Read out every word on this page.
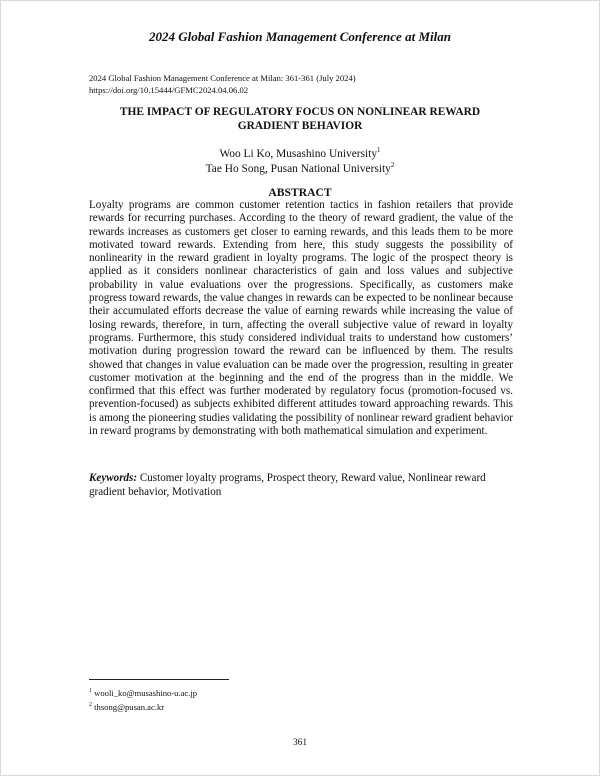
2024 Global Fashion Management Conference at Milan
2024 Global Fashion Management Conference at Milan: 361-361 (July 2024)
https://doi.org/10.15444/GFMC2024.04.06.02
THE IMPACT OF REGULATORY FOCUS ON NONLINEAR REWARD
GRADIENT BEHAVIOR
Woo Li Ko, Musashino University$^1$
Tae Ho Song, Pusan National University$^2$
ABSTRACT

Loyalty programs are common customer retention tactics in fashion retailers that provide rewards for recurring purchases. According to the theory of reward gradient, the value of the rewards increases as customers get closer to earning rewards, and this leads them to be more motivated toward rewards. Extending from here, this study suggests the possibility of nonlinearity in the reward gradient in loyalty programs. The logic of the prospect theory is applied as it considers nonlinear characteristics of gain and loss values and subjective probability in value evaluations over the progressions. Specifically, as customers make progress toward rewards, the value changes in rewards can be expected to be nonlinear because their accumulated efforts decrease the value of earning rewards while increasing the value of losing rewards, therefore, in turn, affecting the overall subjective value of reward in loyalty programs. Furthermore, this study considered individual traits to understand how customers’ motivation during progression toward the reward can be influenced by them. The results showed that changes in value evaluation can be made over the progression, resulting in greater customer motivation at the beginning and the end of the progress than in the middle. We confirmed that this effect was further moderated by regulatory focus (promotion-focused vs. prevention-focused) as subjects exhibited different attitudes toward approaching rewards. This is among the pioneering studies validating the possibility of nonlinear reward gradient behavior in reward programs by demonstrating with both mathematical simulation and experiment.

Keywords: Customer loyalty programs, Prospect theory, Reward value, Nonlinear reward gradient behavior, Motivation

$^1$ wooli_ko@musashino-u.ac.jp
$^2$ thsong@pusan.ac.kr
361
